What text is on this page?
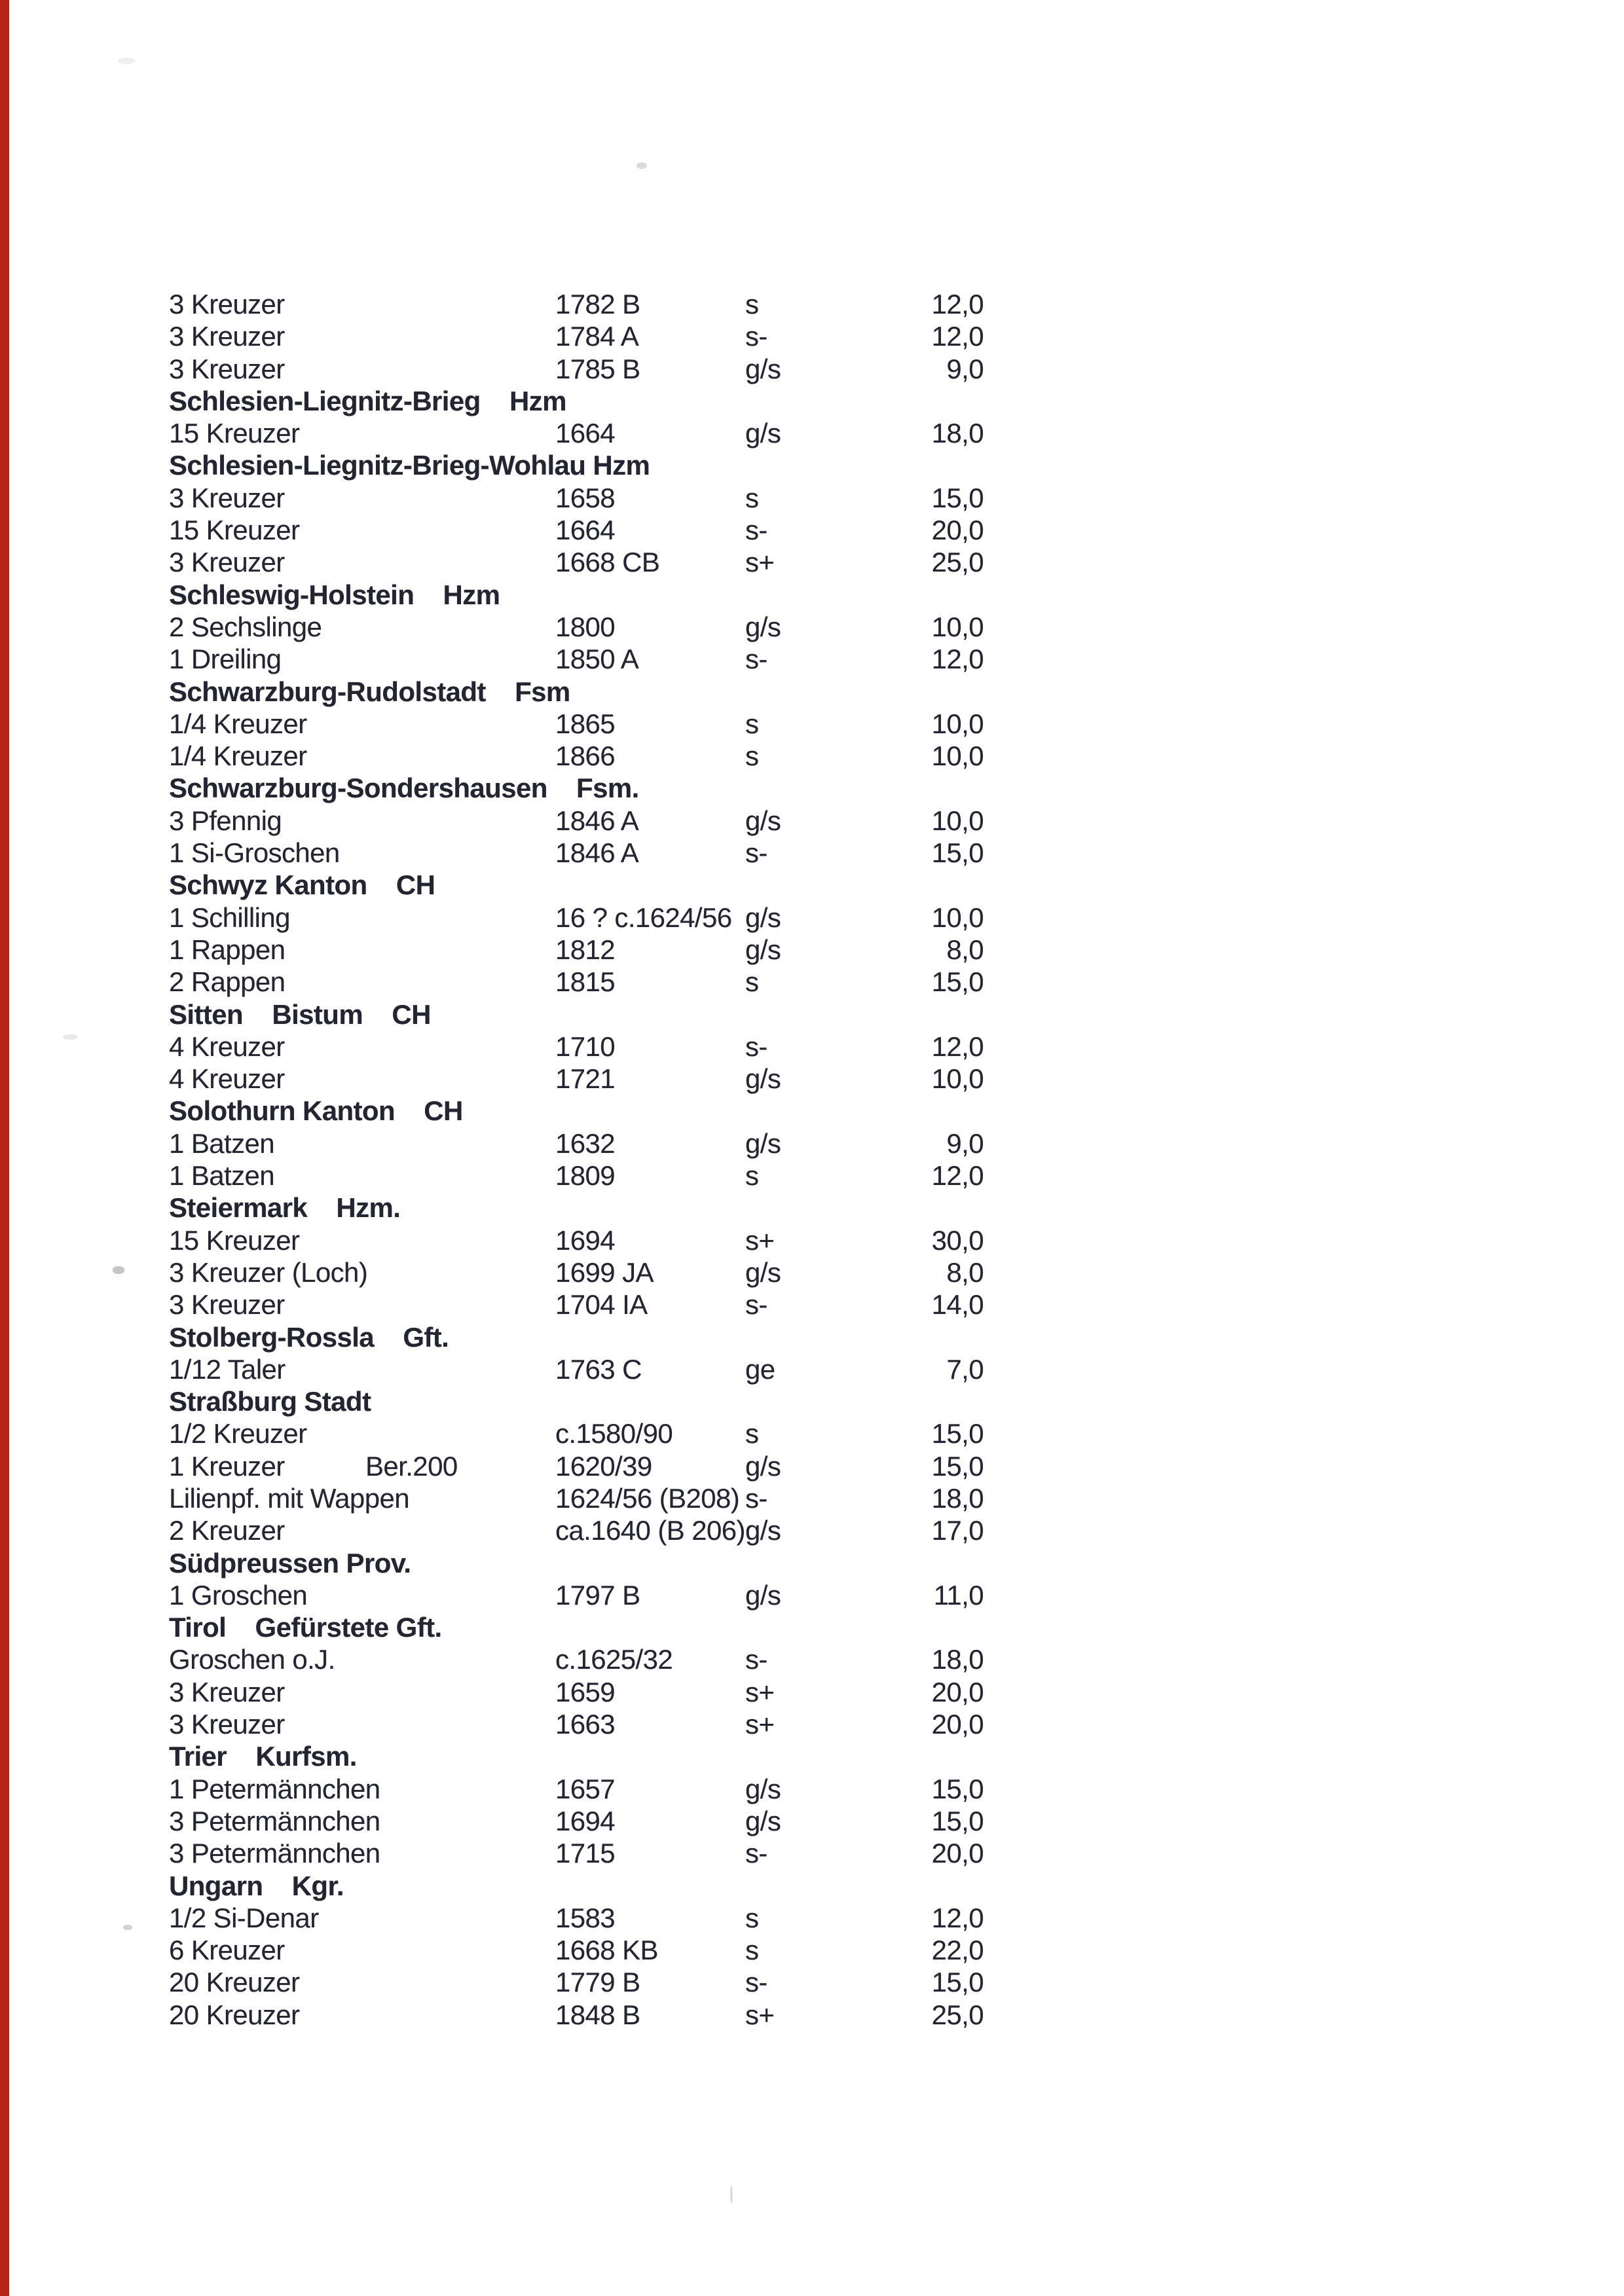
3 Kreuzer	1782 B	s	12,0
3 Kreuzer	1784 A	s-	12,0
3 Kreuzer	1785 B	g/s	9,0
Schlesien-Liegnitz-Brieg    Hzm
15 Kreuzer	1664	g/s	18,0
Schlesien-Liegnitz-Brieg-Wohlau Hzm
3 Kreuzer	1658	s	15,0
15 Kreuzer	1664	s-	20,0
3 Kreuzer	1668 CB	s+	25,0
Schleswig-Holstein    Hzm
2 Sechslinge	1800	g/s	10,0
1 Dreiling	1850 A	s-	12,0
Schwarzburg-Rudolstadt    Fsm
1/4 Kreuzer	1865	s	10,0
1/4 Kreuzer	1866	s	10,0
Schwarzburg-Sondershausen    Fsm.
3 Pfennig	1846 A	g/s	10,0
1 Si-Groschen	1846 A	s-	15,0
Schwyz Kanton    CH
1 Schilling	16 ? c.1624/56 g/s	10,0
1 Rappen	1812	g/s	8,0
2 Rappen	1815	s	15,0
Sitten    Bistum    CH
4 Kreuzer	1710	s-	12,0
4 Kreuzer	1721	g/s	10,0
Solothurn Kanton    CH
1 Batzen	1632	g/s	9,0
1 Batzen	1809	s	12,0
Steiermark    Hzm.
15 Kreuzer	1694	s+	30,0
3 Kreuzer (Loch)	1699 JA	g/s	8,0
3 Kreuzer	1704 IA	s-	14,0
Stolberg-Rossla    Gft.
1/12 Taler	1763 C	ge	7,0
Straßburg Stadt
1/2 Kreuzer	c.1580/90	s	15,0
1 Kreuzer	Ber.200	1620/39	g/s	15,0
Lilienpf. mit Wappen	1624/56 (B208) s-	18,0
2 Kreuzer	ca.1640 (B 206) g/s	17,0
Südpreussen Prov.
1 Groschen	1797 B	g/s	11,0
Tirol    Gefürstete Gft.
Groschen o.J.	c.1625/32	s-	18,0
3 Kreuzer	1659	s+	20,0
3 Kreuzer	1663	s+	20,0
Trier    Kurfsm.
1 Petermännchen	1657	g/s	15,0
3 Petermännchen	1694	g/s	15,0
3 Petermännchen	1715	s-	20,0
Ungarn    Kgr.
1/2 Si-Denar	1583	s	12,0
6 Kreuzer	1668 KB	s	22,0
20 Kreuzer	1779 B	s-	15,0
20 Kreuzer	1848 B	s+	25,0
